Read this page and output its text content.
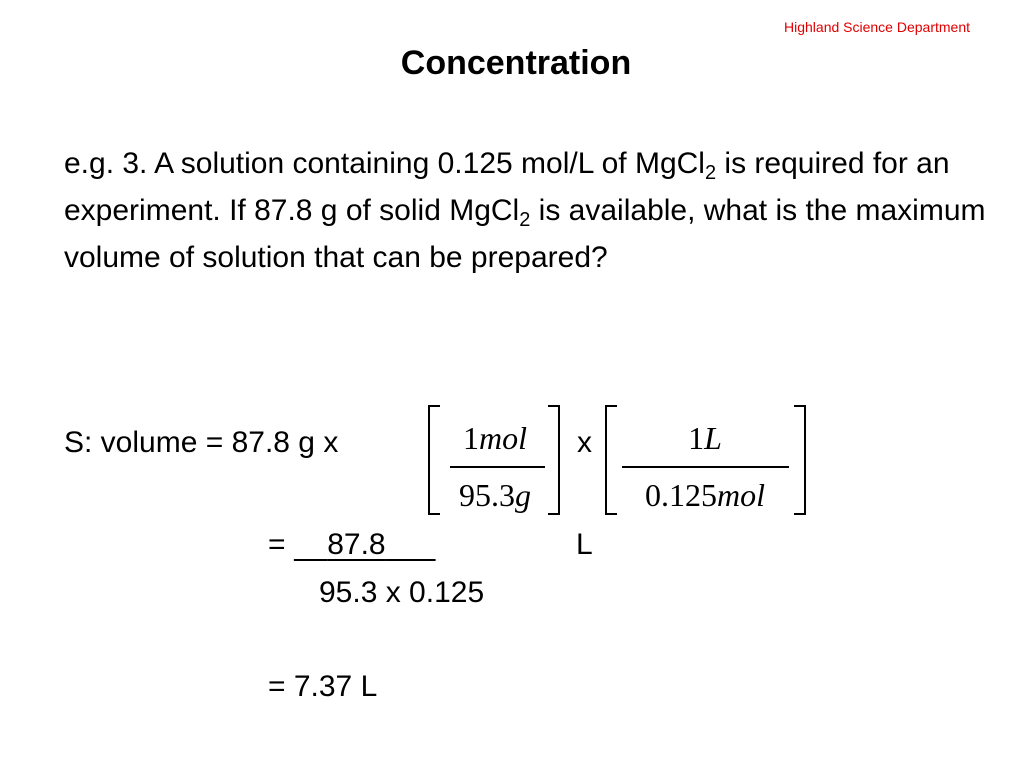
Highland Science Department
Concentration
e.g. 3. A solution containing 0.125 mol/L of MgCl$_2$ is required for an experiment. If 87.8 g of solid MgCl$_2$ is available, what is the maximum volume of solution that can be prepared?
S: volume = 87.8 g x	1mol
95.3g
x	1L
0.125mol
=     87.8	L
95.3 x 0.125
= 7.37 L
